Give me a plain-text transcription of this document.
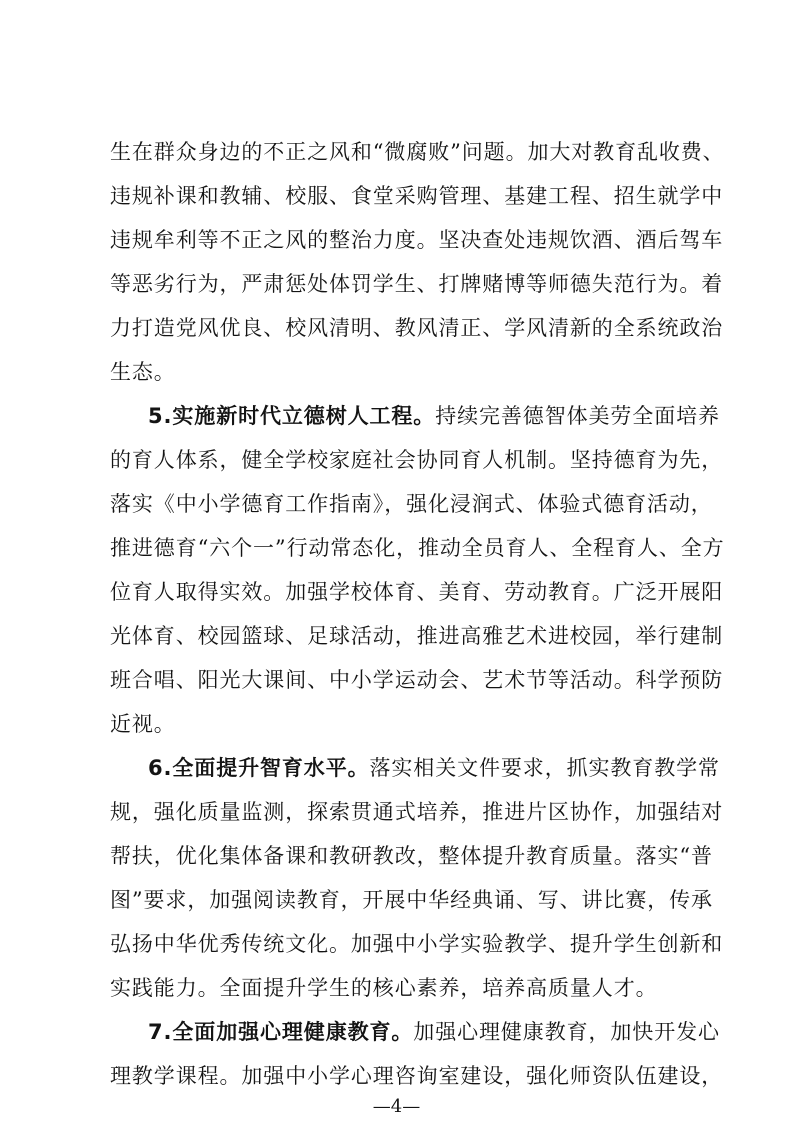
生在群众身边的不正之风和“微腐败”问题。加大对教育乱收费、
违规补课和教辅、校服、食堂采购管理、基建工程、招生就学中
违规牟利等不正之风的整治力度。坚决查处违规饮酒、酒后驾车
等恶劣行为，严肃惩处体罚学生、打牌赌博等师德失范行为。着
力打造党风优良、校风清明、教风清正、学风清新的全系统政治
生态。
5.实施新时代立德树人工程。持续完善德智体美劳全面培养
的育人体系，健全学校家庭社会协同育人机制。坚持德育为先，
落实《中小学德育工作指南》，强化浸润式、体验式德育活动，
推进德育“六个一”行动常态化，推动全员育人、全程育人、全方
位育人取得实效。加强学校体育、美育、劳动教育。广泛开展阳
光体育、校园篮球、足球活动，推进高雅艺术进校园，举行建制
班合唱、阳光大课间、中小学运动会、艺术节等活动。科学预防
近视。
6.全面提升智育水平。落实相关文件要求，抓实教育教学常
规，强化质量监测，探索贯通式培养，推进片区协作，加强结对
帮扶，优化集体备课和教研教改，整体提升教育质量。落实“普
图”要求，加强阅读教育，开展中华经典诵、写、讲比赛，传承
弘扬中华优秀传统文化。加强中小学实验教学、提升学生创新和
实践能力。全面提升学生的核心素养，培养高质量人才。
7.全面加强心理健康教育。加强心理健康教育，加快开发心
理教学课程。加强中小学心理咨询室建设，强化师资队伍建设，
—4—
